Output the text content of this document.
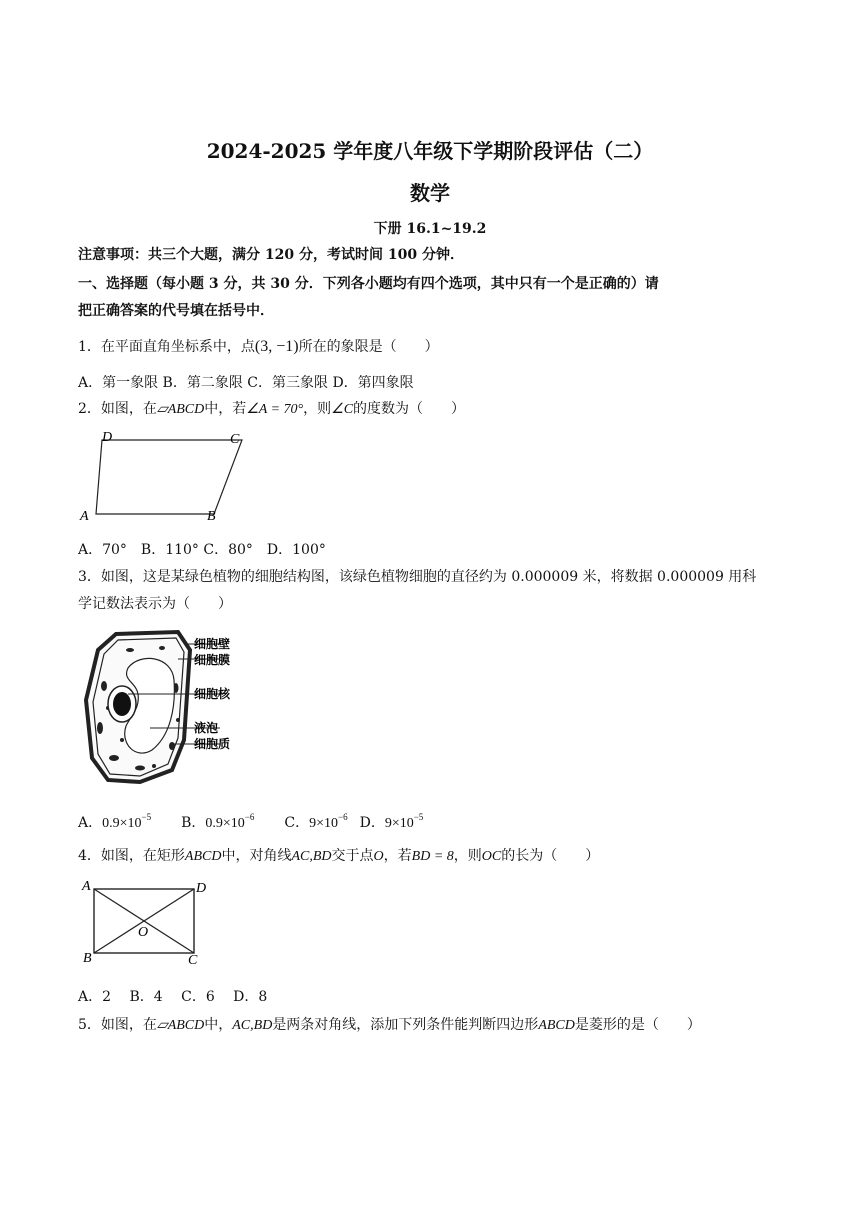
2024-2025 学年度八年级下学期阶段评估（二）
数学
下册 16.1~19.2
注意事项：共三个大题，满分 120 分，考试时间 100 分钟．
一、选择题（每小题 3 分，共 30 分．下列各小题均有四个选项，其中只有一个是正确的）请
把正确答案的代号填在括号中．
1．在平面直角坐标系中，点(3, −1)所在的象限是（　　）
A．第一象限 B．第二象限 C．第三象限 D．第四象限
2．如图，在▱ABCD中，若∠A = 70°，则∠C的度数为（　　）
D	C
A	B
A．70°　B．110° C．80°　D．100°
3．如图，这是某绿色植物的细胞结构图，该绿色植物细胞的直径约为 0.000009 米，将数据 0.000009 用科
学记数法表示为（　　）
细胞壁
细胞膜
细胞核
液泡
细胞质
A．$0.9\times 10^{-5}$ B．$0.9\times 10^{-6}$ C．$9\times 10^{-6}$ D．$9\times 10^{-5}$
4．如图，在矩形ABCD中，对角线AC,BD交于点O，若BD = 8，则OC的长为（　　）
A	D
B	C
O
A．2　 B．4　 C．6　 D．8
5．如图，在▱ABCD中，AC,BD是两条对角线，添加下列条件能判断四边形ABCD是菱形的是（　　）
